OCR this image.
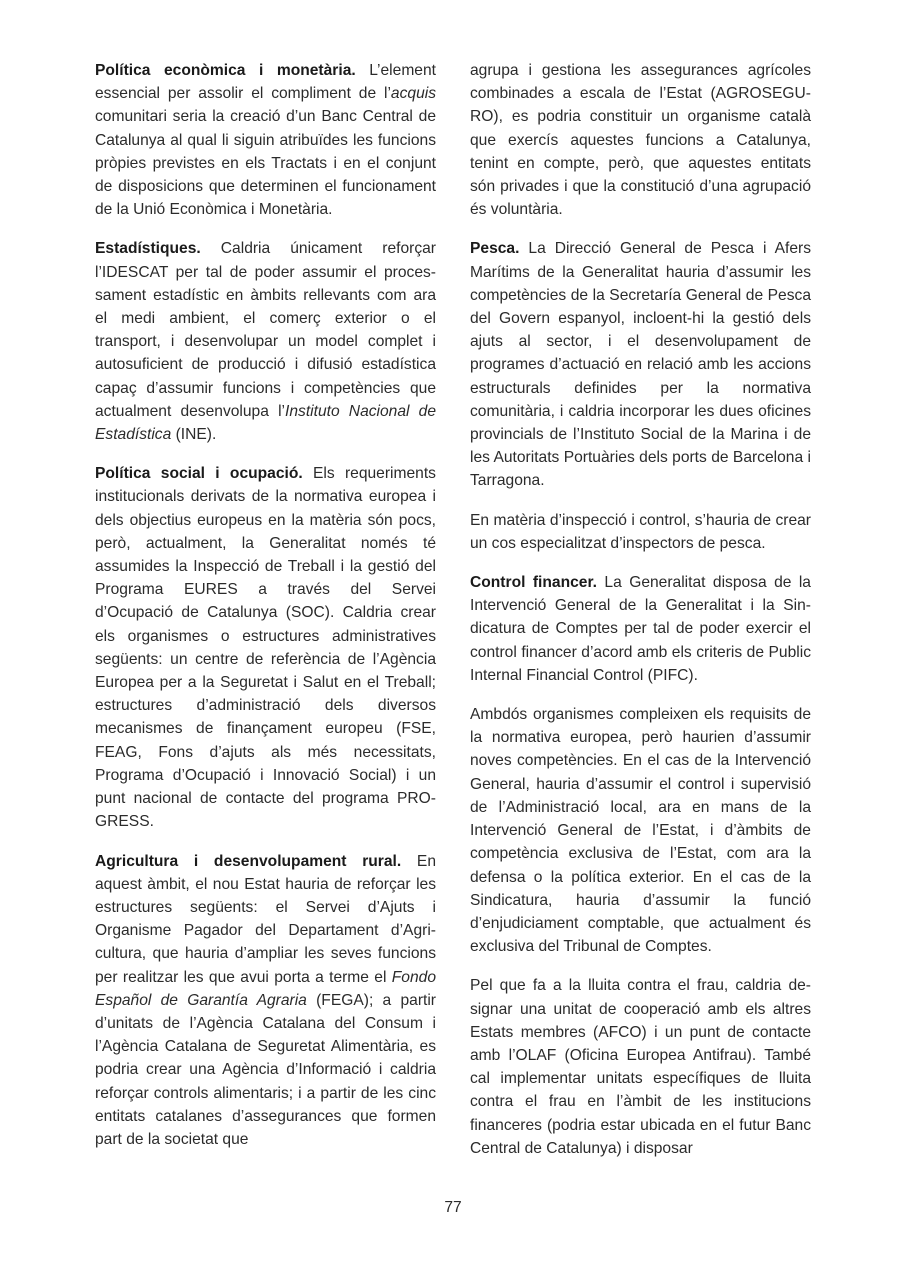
Política econòmica i monetària. L’element essencial per assolir el compliment de l’acquis comunitari seria la creació d’un Banc Central de Catalunya al qual li siguin atribuïdes les funcions pròpies previstes en els Tractats i en el conjunt de disposicions que determinen el funcionament de la Unió Econòmica i Monetària.

Estadístiques. Caldria únicament reforçar l’IDESCAT per tal de poder assumir el processament estadístic en àmbits rellevants com ara el medi ambient, el comerç exterior o el transport, i desenvolupar un model complet i autosuficient de producció i difusió estadística capaç d’assumir funcions i competències que actualment desenvolupa l’Instituto Nacional de Estadística (INE).

Política social i ocupació. Els requeriments institucionals derivats de la normativa europea i dels objectius europeus en la matèria són pocs, però, actualment, la Generalitat només té assumides la Inspecció de Treball i la gestió del Programa EURES a través del Servei d’Ocupació de Catalunya (SOC). Caldria crear els organismes o estructures administratives següents: un centre de referència de l’Agència Europea per a la Seguretat i Salut en el Treball; estructures d’administració dels diversos mecanismes de finançament europeu (FSE, FEAG, Fons d’ajuts als més necessitats, Programa d’Ocupació i Innovació Social) i un punt nacional de contacte del programa PROGRESS.

Agricultura i desenvolupament rural. En aquest àmbit, el nou Estat hauria de reforçar les estructures següents: el Servei d’Ajuts i Organisme Pagador del Departament d’Agricultura, que hauria d’ampliar les seves funcions per realitzar les que avui porta a terme el Fondo Español de Garantía Agraria (FEGA); a partir d’unitats de l’Agència Catalana del Consum i l’Agència Catalana de Seguretat Alimentària, es podria crear una Agència d’Informació i caldria reforçar controls alimentaris; i a partir de les cinc entitats catalanes d’assegurances que formen part de la societat que

agrupa i gestiona les assegurances agrícoles combinades a escala de l’Estat (AGROSEGURO), es podria constituir un organisme català que exercís aquestes funcions a Catalunya, tenint en compte, però, que aquestes entitats són privades i que la constitució d’una agrupació és voluntària.

Pesca. La Direcció General de Pesca i Afers Marítims de la Generalitat hauria d’assumir les competències de la Secretaría General de Pesca del Govern espanyol, incloent-hi la gestió dels ajuts al sector, i el desenvolupament de programes d’actuació en relació amb les accions estructurals definides per la normativa comunitària, i caldria incorporar les dues oficines provincials de l’Instituto Social de la Marina i de les Autoritats Portuàries dels ports de Barcelona i Tarragona.

En matèria d’inspecció i control, s’hauria de crear un cos especialitzat d’inspectors de pesca.

Control financer. La Generalitat disposa de la Intervenció General de la Generalitat i la Sindicatura de Comptes per tal de poder exercir el control financer d’acord amb els criteris de Public Internal Financial Control (PIFC).

Ambdós organismes compleixen els requisits de la normativa europea, però haurien d’assumir noves competències. En el cas de la Intervenció General, hauria d’assumir el control i supervisió de l’Administració local, ara en mans de la Intervenció General de l’Estat, i d’àmbits de competència exclusiva de l’Estat, com ara la defensa o la política exterior. En el cas de la Sindicatura, hauria d’assumir la funció d’enjudiciament comptable, que actualment és exclusiva del Tribunal de Comptes.

Pel que fa a la lluita contra el frau, caldria designar una unitat de cooperació amb els altres Estats membres (AFCO) i un punt de contacte amb l’OLAF (Oficina Europea Antifrau). També cal implementar unitats específiques de lluita contra el frau en l’àmbit de les institucions financeres (podria estar ubicada en el futur Banc Central de Catalunya) i disposar

77
